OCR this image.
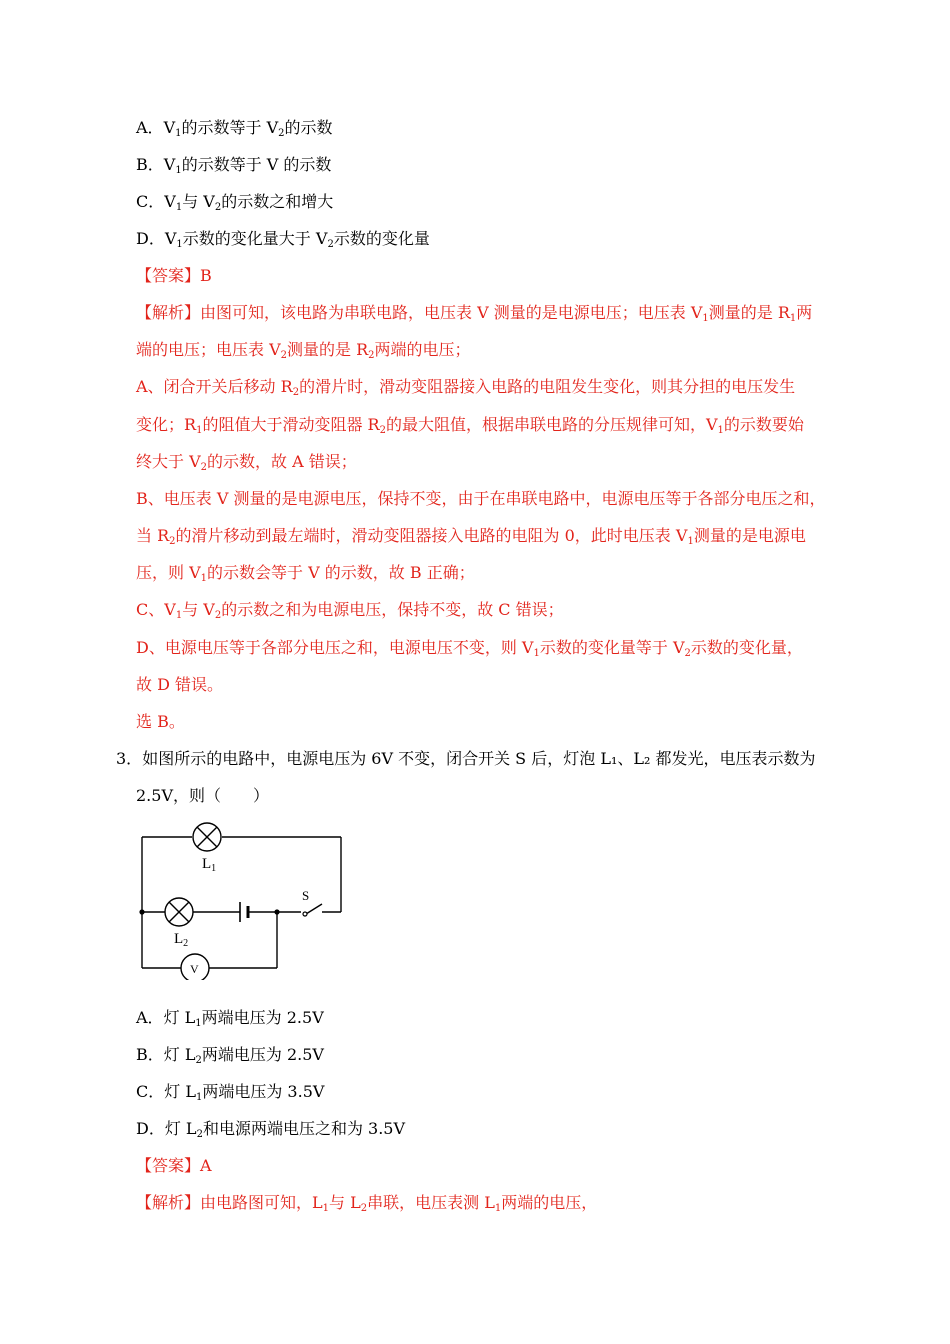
A．$V_1$的示数等于 $V_2$的示数
B．$V_1$的示数等于 V 的示数
C．$V_1$与 $V_2$的示数之和增大
D．$V_1$示数的变化量大于 $V_2$示数的变化量
【答案】B
【解析】由图可知，该电路为串联电路，电压表 V 测量的是电源电压；电压表 $V_1$测量的是 $R_1$两
端的电压；电压表 $V_2$测量的是 $R_2$两端的电压；
A、闭合开关后移动 $R_2$的滑片时，滑动变阻器接入电路的电阻发生变化，则其分担的电压发生
变化；$R_1$的阻值大于滑动变阻器 $R_2$的最大阻值，根据串联电路的分压规律可知，$V_1$的示数要始
终大于 $V_2$的示数，故 A 错误；
B、电压表 V 测量的是电源电压，保持不变，由于在串联电路中，电源电压等于各部分电压之和，
当 $R_2$的滑片移动到最左端时，滑动变阻器接入电路的电阻为 0，此时电压表 $V_1$测量的是电源电
压，则 $V_1$的示数会等于 V 的示数，故 B 正确；
C、$V_1$与 $V_2$的示数之和为电源电压，保持不变，故 C 错误；
D、电源电压等于各部分电压之和，电源电压不变，则 $V_1$示数的变化量等于 $V_2$示数的变化量，
故 D 错误。
选 B。
3．如图所示的电路中，电源电压为 6V 不变，闭合开关 S 后，灯泡 L₁、L₂ 都发光，电压表示数为
2.5V，则（　　）
$L_1$
$L_2$
S
V
A．灯 $L_1$两端电压为 2.5V
B．灯 $L_2$两端电压为 2.5V
C．灯 $L_1$两端电压为 3.5V
D．灯 $L_2$和电源两端电压之和为 3.5V
【答案】A
【解析】由电路图可知，$L_1$与 $L_2$串联，电压表测 $L_1$两端的电压，
